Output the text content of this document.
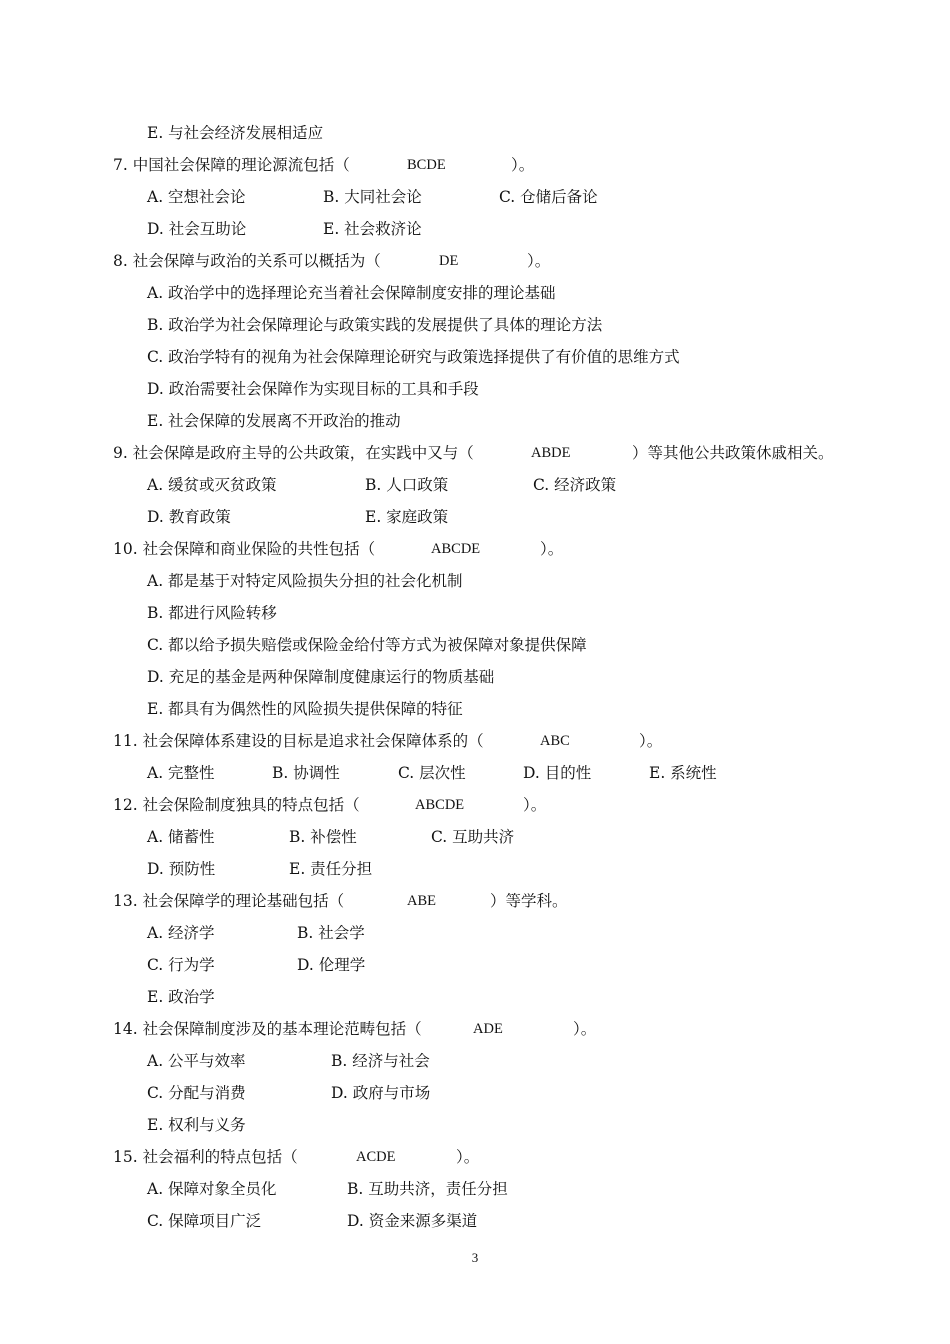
E. 与社会经济发展相适应
7. 中国社会保障的理论源流包括（	BCDE	）。
A. 空想社会论	B. 大同社会论	C. 仓储后备论
D. 社会互助论	E. 社会救济论
8. 社会保障与政治的关系可以概括为（	DE	）。
A. 政治学中的选择理论充当着社会保障制度安排的理论基础
B. 政治学为社会保障理论与政策实践的发展提供了具体的理论方法
C. 政治学特有的视角为社会保障理论研究与政策选择提供了有价值的思维方式
D. 政治需要社会保障作为实现目标的工具和手段
E. 社会保障的发展离不开政治的推动
9. 社会保障是政府主导的公共政策，在实践中又与（	ABDE	）等其他公共政策休戚相关。
A. 缓贫或灭贫政策	B. 人口政策	C. 经济政策
D. 教育政策	E. 家庭政策
10. 社会保障和商业保险的共性包括（	ABCDE	）。
A. 都是基于对特定风险损失分担的社会化机制
B. 都进行风险转移
C. 都以给予损失赔偿或保险金给付等方式为被保障对象提供保障
D. 充足的基金是两种保障制度健康运行的物质基础
E. 都具有为偶然性的风险损失提供保障的特征
11. 社会保障体系建设的目标是追求社会保障体系的（	ABC	）。
A. 完整性	B. 协调性	C. 层次性	D. 目的性	E. 系统性
12. 社会保险制度独具的特点包括（	ABCDE	）。
A. 储蓄性	B. 补偿性	C. 互助共济
D. 预防性	E. 责任分担
13. 社会保障学的理论基础包括（	ABE	）等学科。
A. 经济学	B. 社会学
C. 行为学	D. 伦理学
E. 政治学
14. 社会保障制度涉及的基本理论范畴包括（	ADE	）。
A. 公平与效率	B. 经济与社会
C. 分配与消费	D. 政府与市场
E. 权利与义务
15. 社会福利的特点包括（	ACDE	）。
A. 保障对象全员化	B. 互助共济，责任分担
C. 保障项目广泛	D. 资金来源多渠道
3
